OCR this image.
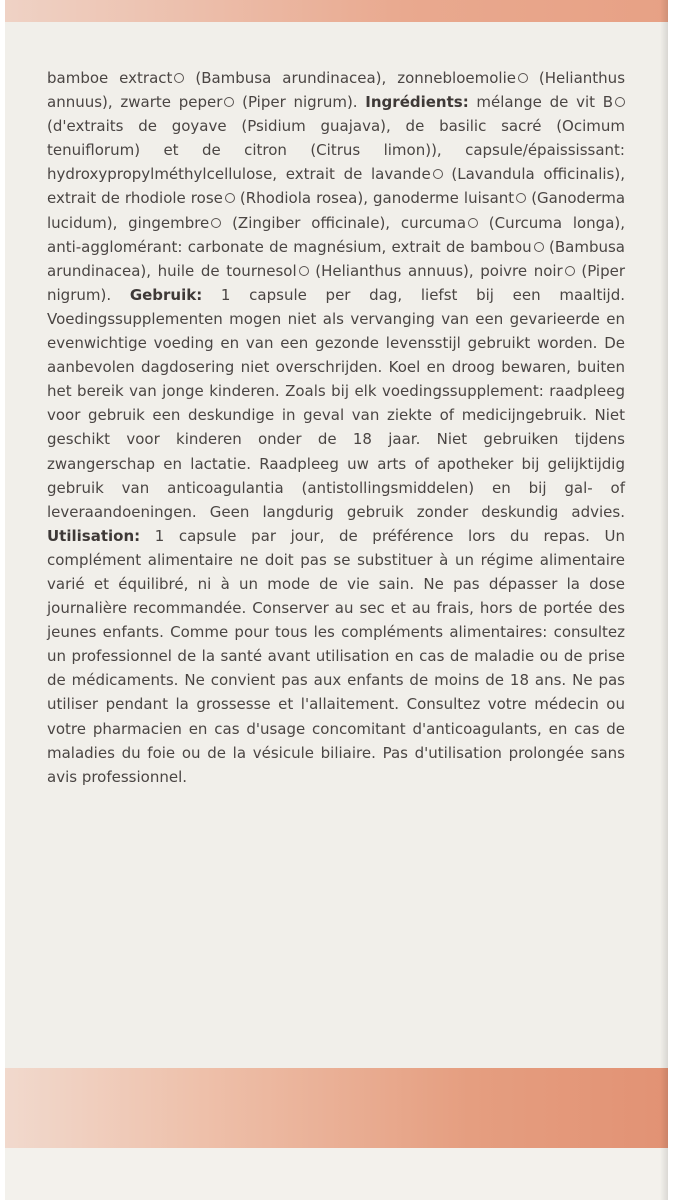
bamboe extract (Bambusa arundinacea), zonnebloemolie (Helianthus annuus), zwarte peper (Piper nigrum). Ingrédients: mélange de vit B (d'extraits de goyave (Psidium guajava), de basilic sacré (Ocimum tenuiflorum) et de citron (Citrus limon)), capsule/épaississant: hydroxypropylméthylcellulose, extrait de lavande (Lavandula officinalis), extrait de rhodiole rose (Rhodiola rosea), ganoderme luisant (Ganoderma lucidum), gingembre (Zingiber officinale), curcuma (Curcuma longa), anti-agglomérant: carbonate de magnésium, extrait de bambou (Bambusa arundinacea), huile de tournesol (Helianthus annuus), poivre noir (Piper nigrum). Gebruik: 1 capsule per dag, liefst bij een maaltijd. Voedingssupplementen mogen niet als vervanging van een gevarieerde en evenwichtige voeding en van een gezonde levensstijl gebruikt worden. De aanbevolen dagdosering niet overschrijden. Koel en droog bewaren, buiten het bereik van jonge kinderen. Zoals bij elk voedingssupplement: raadpleeg voor gebruik een deskundige in geval van ziekte of medicijngebruik. Niet geschikt voor kinderen onder de 18 jaar. Niet gebruiken tijdens zwangerschap en lactatie. Raadpleeg uw arts of apotheker bij gelijktijdig gebruik van anticoagulantia (antistollingsmiddelen) en bij gal- of leveraandoeningen. Geen langdurig gebruik zonder deskundig advies. Utilisation: 1 capsule par jour, de préférence lors du repas. Un complément alimentaire ne doit pas se substituer à un régime alimentaire varié et équilibré, ni à un mode de vie sain. Ne pas dépasser la dose journalière recommandée. Conserver au sec et au frais, hors de portée des jeunes enfants. Comme pour tous les compléments alimentaires: consultez un professionnel de la santé avant utilisation en cas de maladie ou de prise de médicaments. Ne convient pas aux enfants de moins de 18 ans. Ne pas utiliser pendant la grossesse et l'allaitement. Consultez votre médecin ou votre pharmacien en cas d'usage concomitant d'anticoagulants, en cas de maladies du foie ou de la vésicule biliaire. Pas d'utilisation prolongée sans avis professionnel.
